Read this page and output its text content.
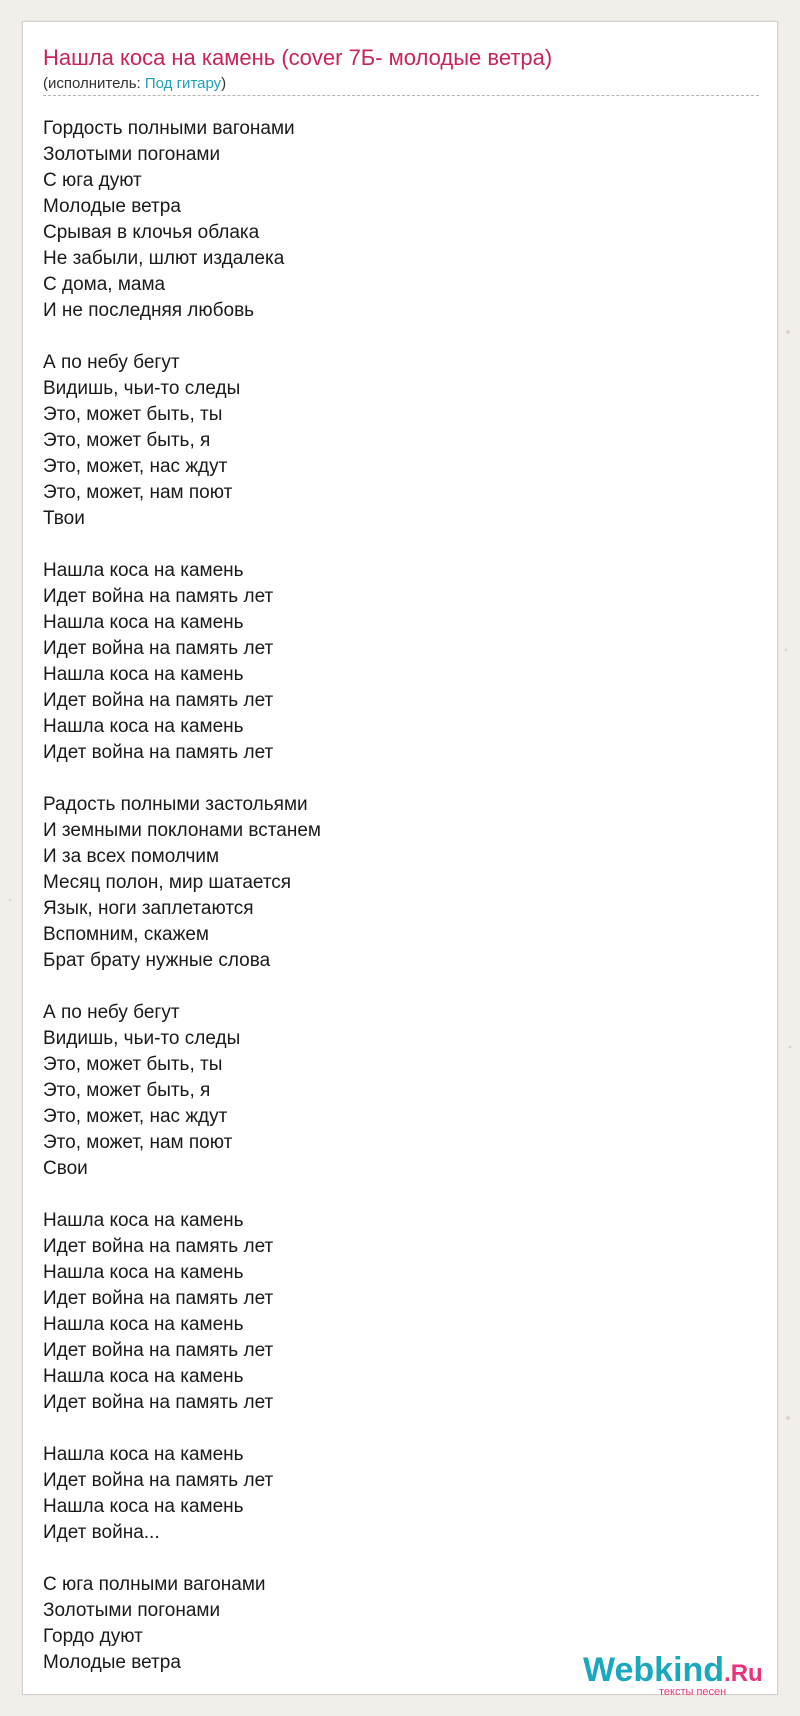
Нашла коса на камень (cover 7Б- молодые ветра)
(исполнитель: Под гитару)
Гордость полными вагонами
Золотыми погонами
С юга дуют
Молодые ветра
Срывая в клочья облака
Не забыли, шлют издалека
С дома, мама
И не последняя любовь
А по небу бегут
Видишь, чьи-то следы
Это, может быть, ты
Это, может быть, я
Это, может, нас ждут
Это, может, нам поют
Твои
Нашла коса на камень
Идет война на память лет
Нашла коса на камень
Идет война на память лет
Нашла коса на камень
Идет война на память лет
Нашла коса на камень
Идет война на память лет
Радость полными застольями
И земными поклонами встанем
И за всех помолчим
Месяц полон, мир шатается
Язык, ноги заплетаются
Вспомним, скажем
Брат брату нужные слова
А по небу бегут
Видишь, чьи-то следы
Это, может быть, ты
Это, может быть, я
Это, может, нас ждут
Это, может, нам поют
Свои
Нашла коса на камень
Идет война на память лет
Нашла коса на камень
Идет война на память лет
Нашла коса на камень
Идет война на память лет
Нашла коса на камень
Идет война на память лет
Нашла коса на камень
Идет война на память лет
Нашла коса на камень
Идет война...
С юга полными вагонами
Золотыми погонами
Гордо дуют
Молодые ветра	Webkind.Ru
тексты песен
